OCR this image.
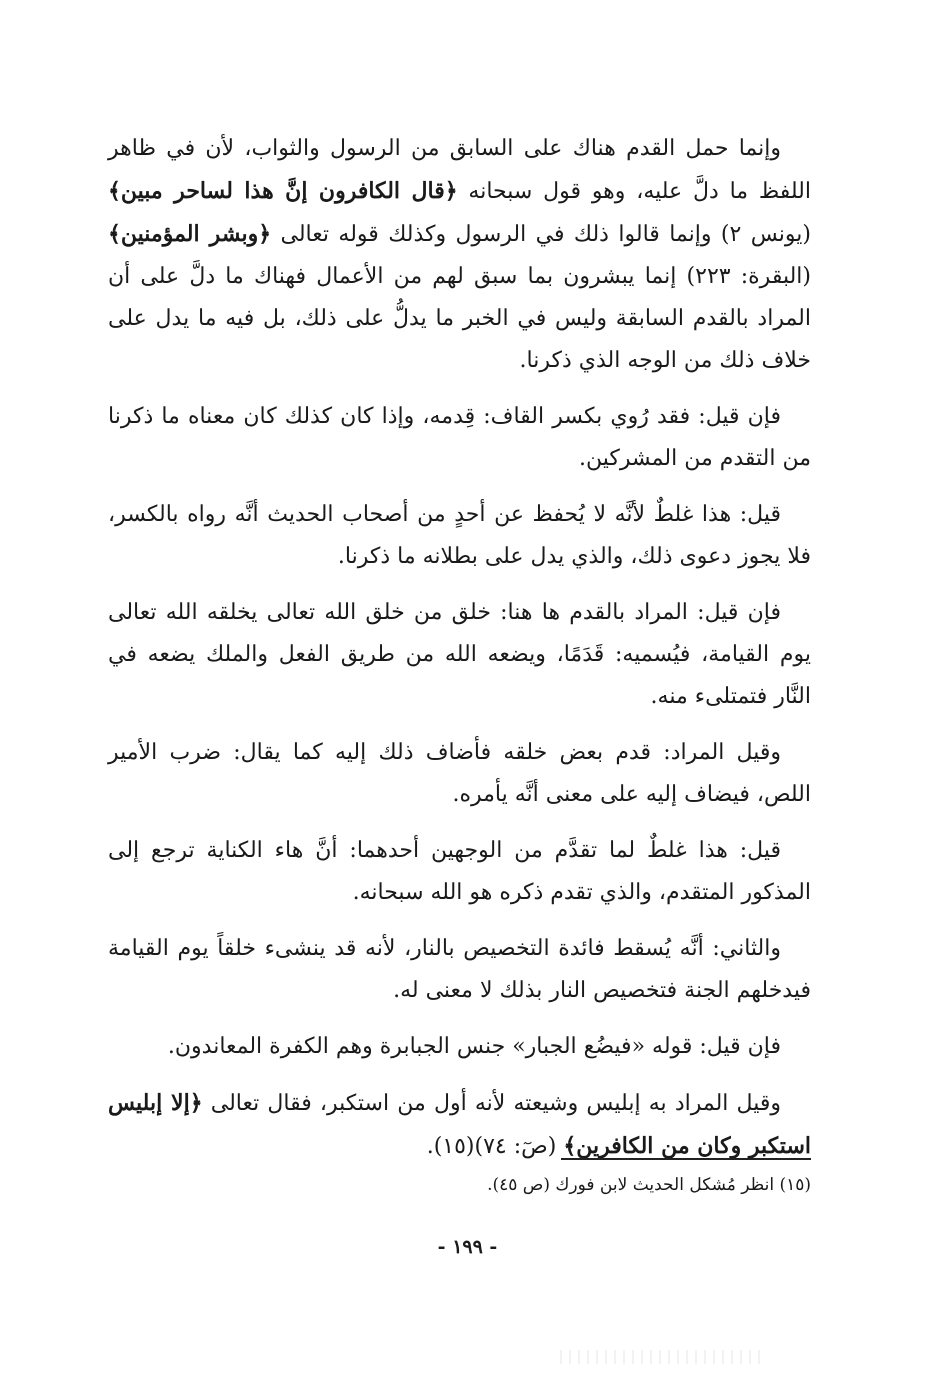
وإنما حمل القدم هناك على السابق من الرسول والثواب، لأن في ظاهر اللفظ ما دلَّ عليه، وهو قول سبحانه ﴿قال الكافرون إنَّ هذا لساحر مبين﴾ (يونس ٢) وإنما قالوا ذلك في الرسول وكذلك قوله تعالى ﴿وبشر المؤمنين﴾ (البقرة: ٢٢٣) إنما يبشرون بما سبق لهم من الأعمال فهناك ما دلَّ على أن المراد بالقدم السابقة وليس في الخبر ما يدلُّ على ذلك، بل فيه ما يدل على خلاف ذلك من الوجه الذي ذكرنا.

فإن قيل: فقد رُوي بكسر القاف: قِدمه، وإذا كان كذلك كان معناه ما ذكرنا من التقدم من المشركين.

قيل: هذا غلطٌ لأنَّه لا يُحفظ عن أحدٍ من أصحاب الحديث أنَّه رواه بالكسر، فلا يجوز دعوى ذلك، والذي يدل على بطلانه ما ذكرنا.

فإن قيل: المراد بالقدم ها هنا: خلق من خلق الله تعالى يخلقه الله تعالى يوم القيامة، فيُسميه: قَدَمًا، ويضعه الله من طريق الفعل والملك يضعه في النَّار فتمتلىء منه.

وقيل المراد: قدم بعض خلقه فأضاف ذلك إليه كما يقال: ضرب الأمير اللص، فيضاف إليه على معنى أنَّه يأمره.

قيل: هذا غلطٌ لما تقدَّم من الوجهين أحدهما: أنَّ هاء الكناية ترجع إلى المذكور المتقدم، والذي تقدم ذكره هو الله سبحانه.

والثاني: أنَّه يُسقط فائدة التخصيص بالنار، لأنه قد ينشىء خلقاً يوم القيامة فيدخلهم الجنة فتخصيص النار بذلك لا معنى له.

فإن قيل: قوله «فيضُع الجبار» جنس الجبابرة وهم الكفرة المعاندون.

وقيل المراد به إبليس وشيعته لأنه أول من استكبر، فقال تعالى ﴿إلا إبليس استكبر وكان من الكافرين﴾ (صٓ: ٧٤)(١٥).

(١٥) انظر مُشكل الحديث لابن فورك (ص ٤٥).

- ١٩٩ -
